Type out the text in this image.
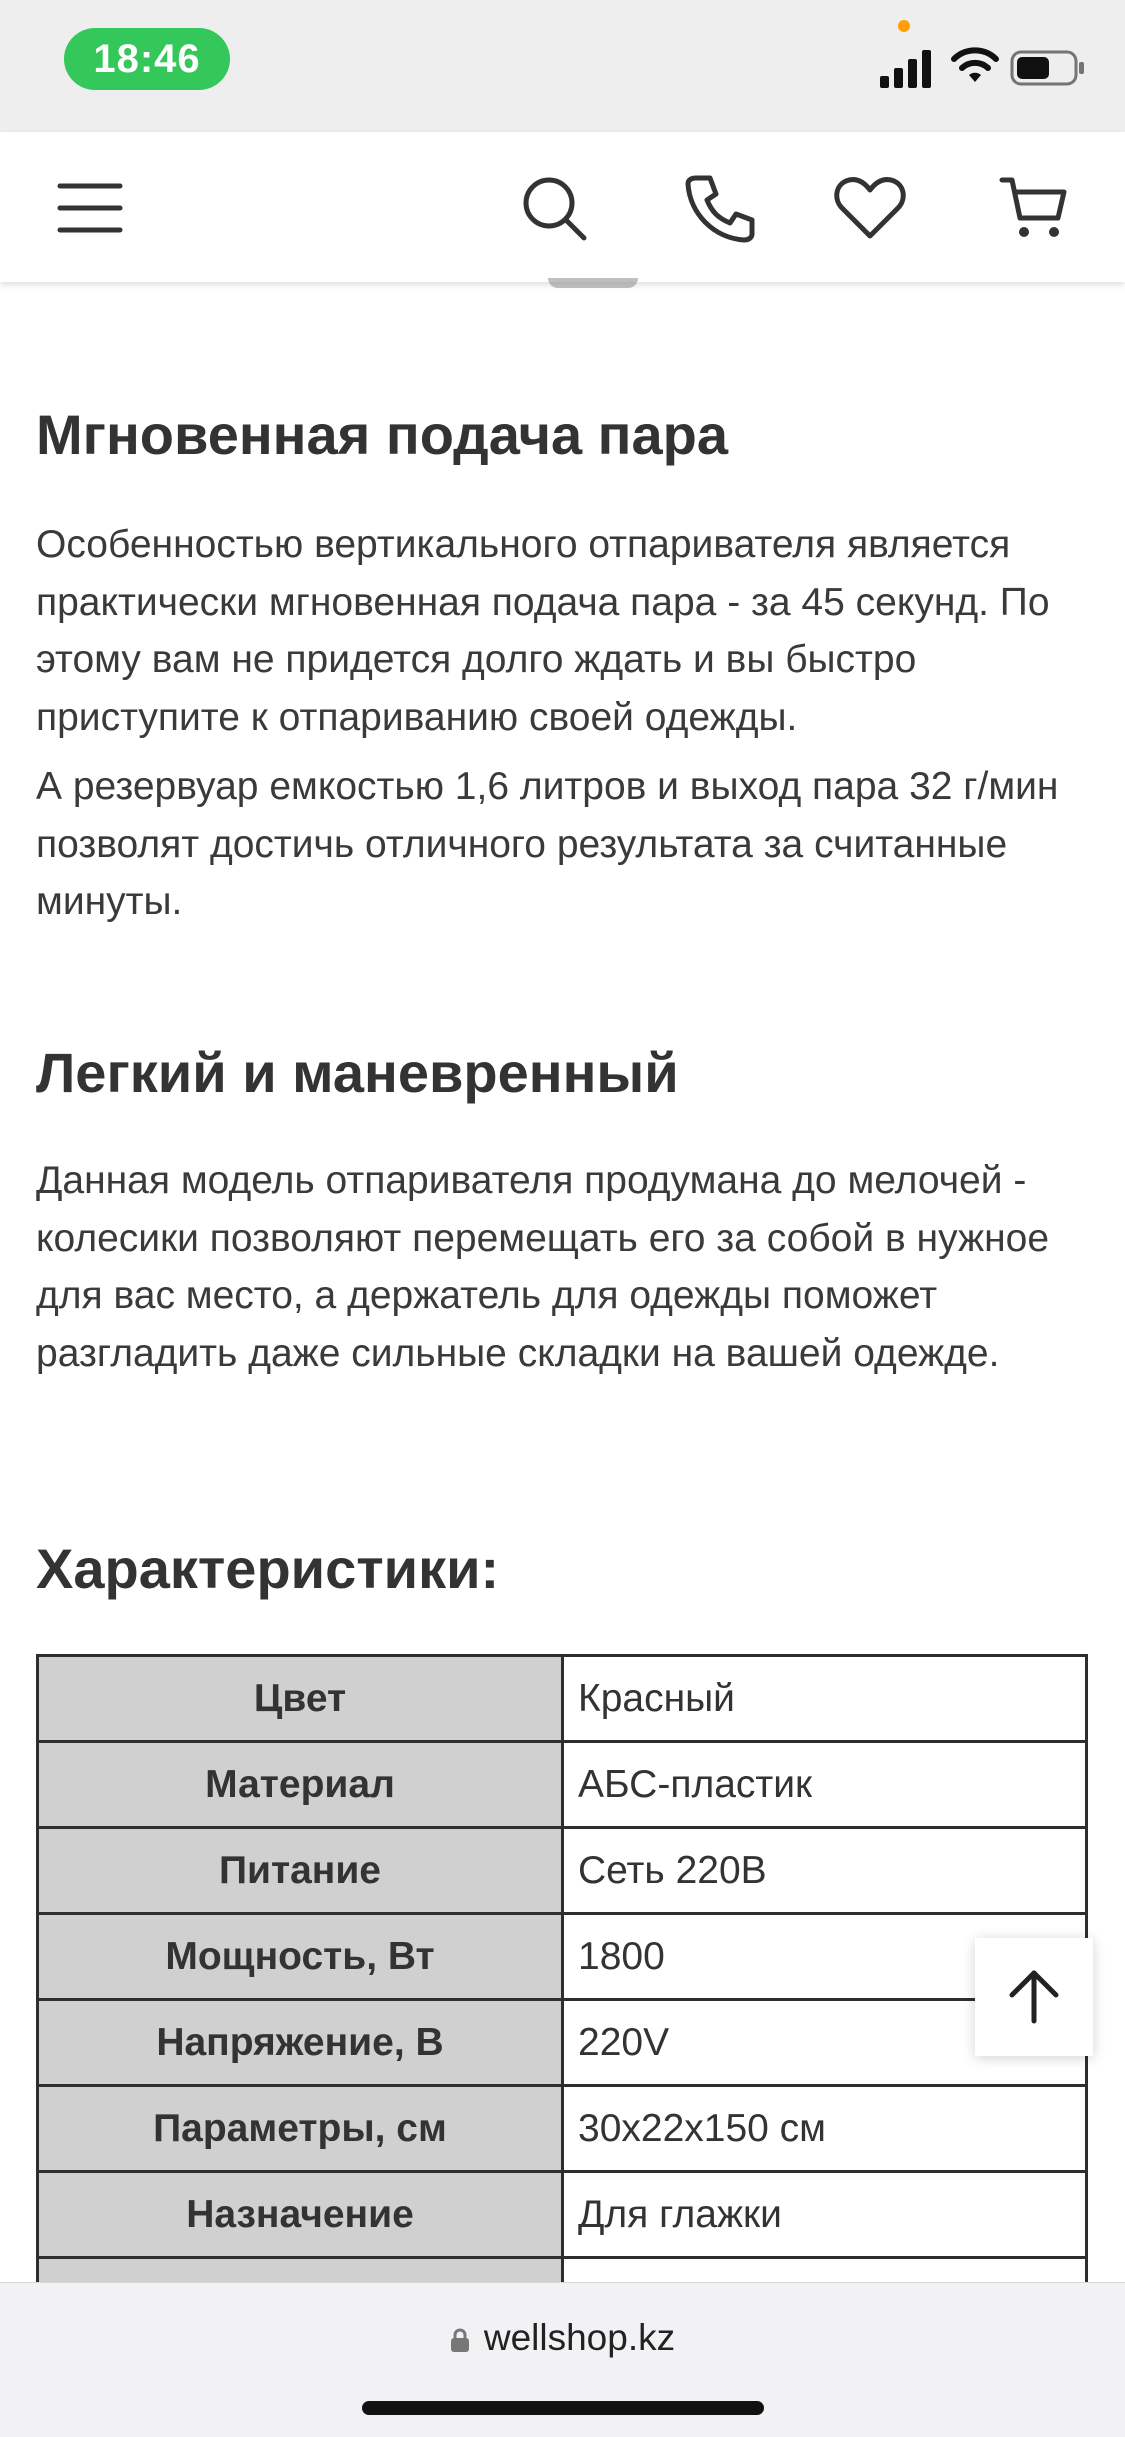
18:46
Мгновенная подача пара

Особенностью вертикального отпаривателя является практически мгновенная подача пара - за 45 секунд. По этому вам не придется долго ждать и вы быстро приступите к отпариванию своей одежды.

А резервуар емкостью 1,6 литров и выход пара 32 г/мин позволят достичь отличного результата за считанные минуты.

Легкий и маневренный

Данная модель отпаривателя продумана до мелочей - колесики позволяют перемещать его за собой в нужное для вас место, а держатель для одежды поможет разгладить даже сильные складки на вашей одежде.

Характеристики:
Цвет	Красный
Материал	АБС-пластик
Питание	Сеть 220В
Мощность, Вт	1800
Напряжение, В	220V
Параметры, см	30x22x150 см
Назначение	Для глажки

wellshop.kz
